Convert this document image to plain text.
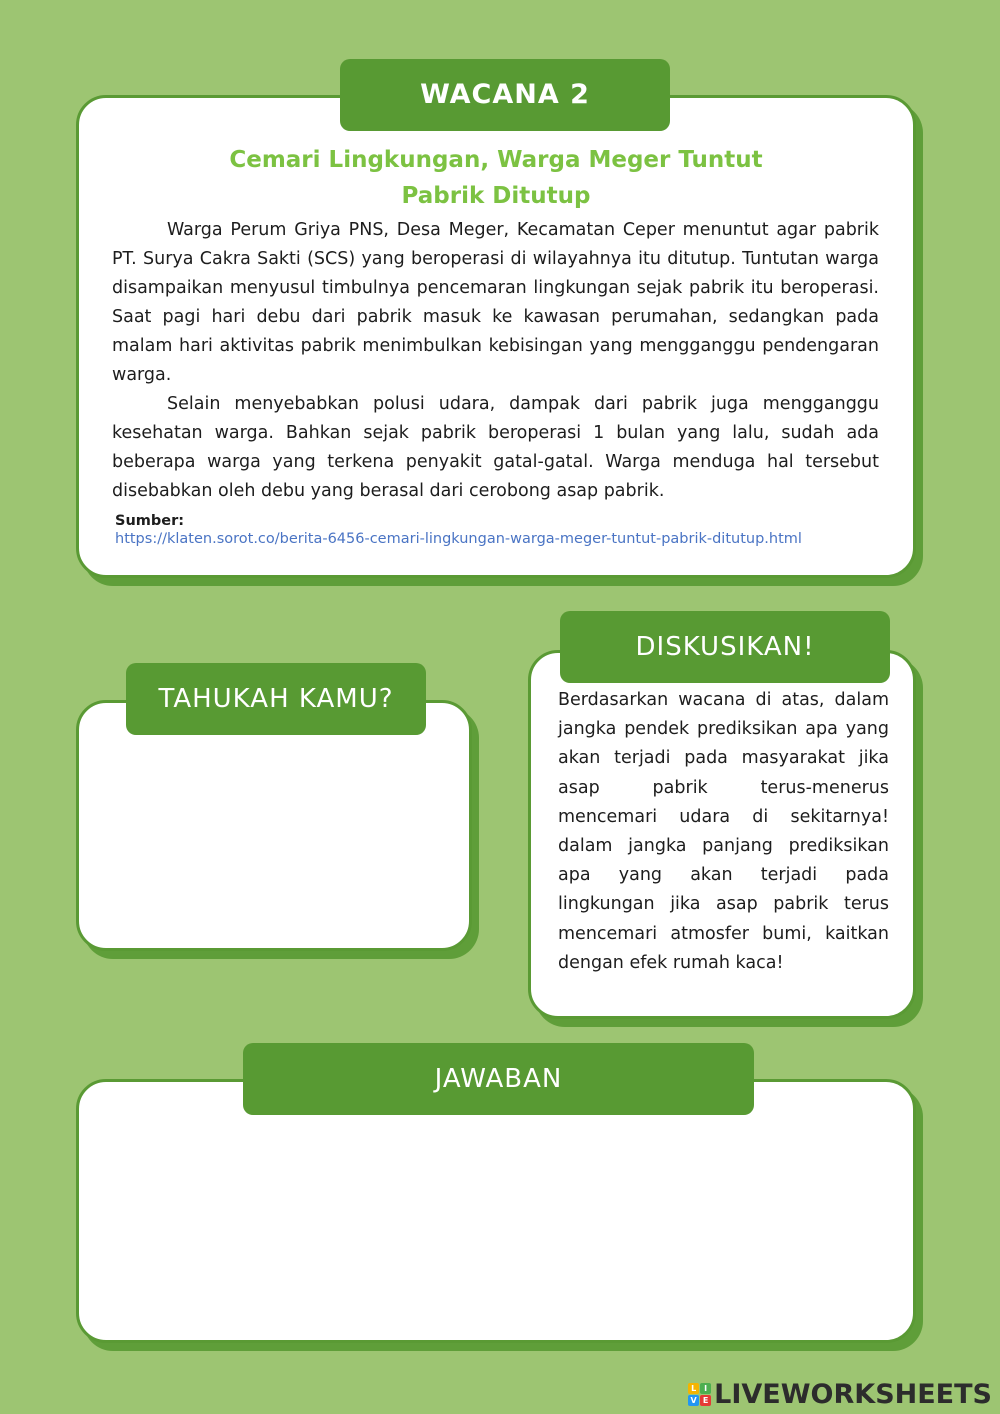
Cemari Lingkungan, Warga Meger Tuntut
Pabrik Ditutup

Warga Perum Griya PNS, Desa Meger, Kecamatan Ceper menuntut agar pabrik PT. Surya Cakra Sakti (SCS) yang beroperasi di wilayahnya itu ditutup. Tuntutan warga disampaikan menyusul timbulnya pencemaran lingkungan sejak pabrik itu beroperasi. Saat pagi hari debu dari pabrik masuk ke kawasan perumahan, sedangkan pada malam hari aktivitas pabrik menimbulkan kebisingan yang mengganggu pendengaran warga.

Selain menyebabkan polusi udara, dampak dari pabrik juga mengganggu kesehatan warga. Bahkan sejak pabrik beroperasi 1 bulan yang lalu, sudah ada beberapa warga yang terkena penyakit gatal-gatal. Warga menduga hal tersebut disebabkan oleh debu yang berasal dari cerobong asap pabrik.

Sumber:
https://klaten.sorot.co/berita-6456-cemari-lingkungan-warga-meger-tuntut-pabrik-ditutup.html
WACANA 2
TAHUKAH KAMU?	Berdasarkan wacana di atas, dalam jangka pendek prediksikan apa yang akan terjadi pada masyarakat jika asap pabrik terus-menerus mencemari udara di sekitarnya! dalam jangka panjang prediksikan apa yang akan terjadi pada lingkungan jika asap pabrik terus mencemari atmosfer bumi, kaitkan dengan efek rumah kaca!
DISKUSIKAN!
JAWABAN
L I
V E LIVEWORKSHEETS
